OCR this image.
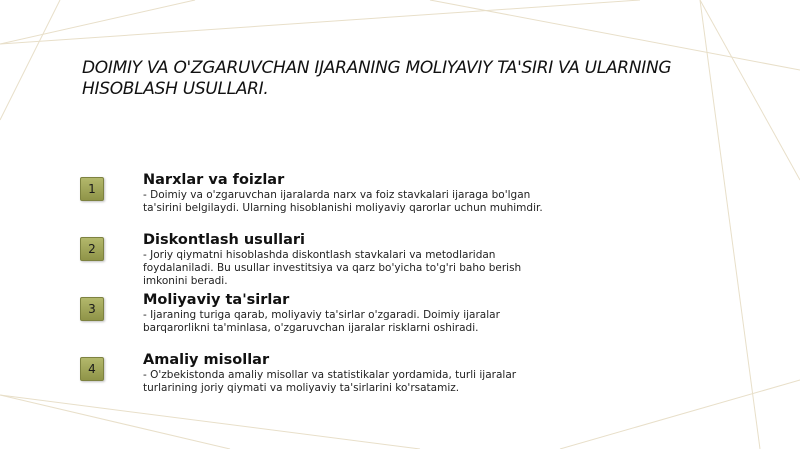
DOIMIY VA O'ZGARUVCHAN IJARANING MOLIYAVIY TA'SIRI VA ULARNING HISOBLASH USULLARI.
1
Narxlar va foizlar
- Doimiy va o'zgaruvchan ijaralarda narx va foiz stavkalari ijaraga bo'lgan ta'sirini belgilaydi. Ularning hisoblanishi moliyaviy qarorlar uchun muhimdir.
2
Diskontlash usullari
- Joriy qiymatni hisoblashda diskontlash stavkalari va metodlaridan foydalaniladi. Bu usullar investitsiya va qarz bo'yicha to'g'ri baho berish imkonini beradi.
3
Moliyaviy ta'sirlar
- Ijaraning turiga qarab, moliyaviy ta'sirlar o'zgaradi. Doimiy ijaralar barqarorlikni ta'minlasa, o'zgaruvchan ijaralar risklarni oshiradi.
4
Amaliy misollar
- O'zbekistonda amaliy misollar va statistikalar yordamida, turli ijaralar turlarining joriy qiymati va moliyaviy ta'sirlarini ko'rsatamiz.
